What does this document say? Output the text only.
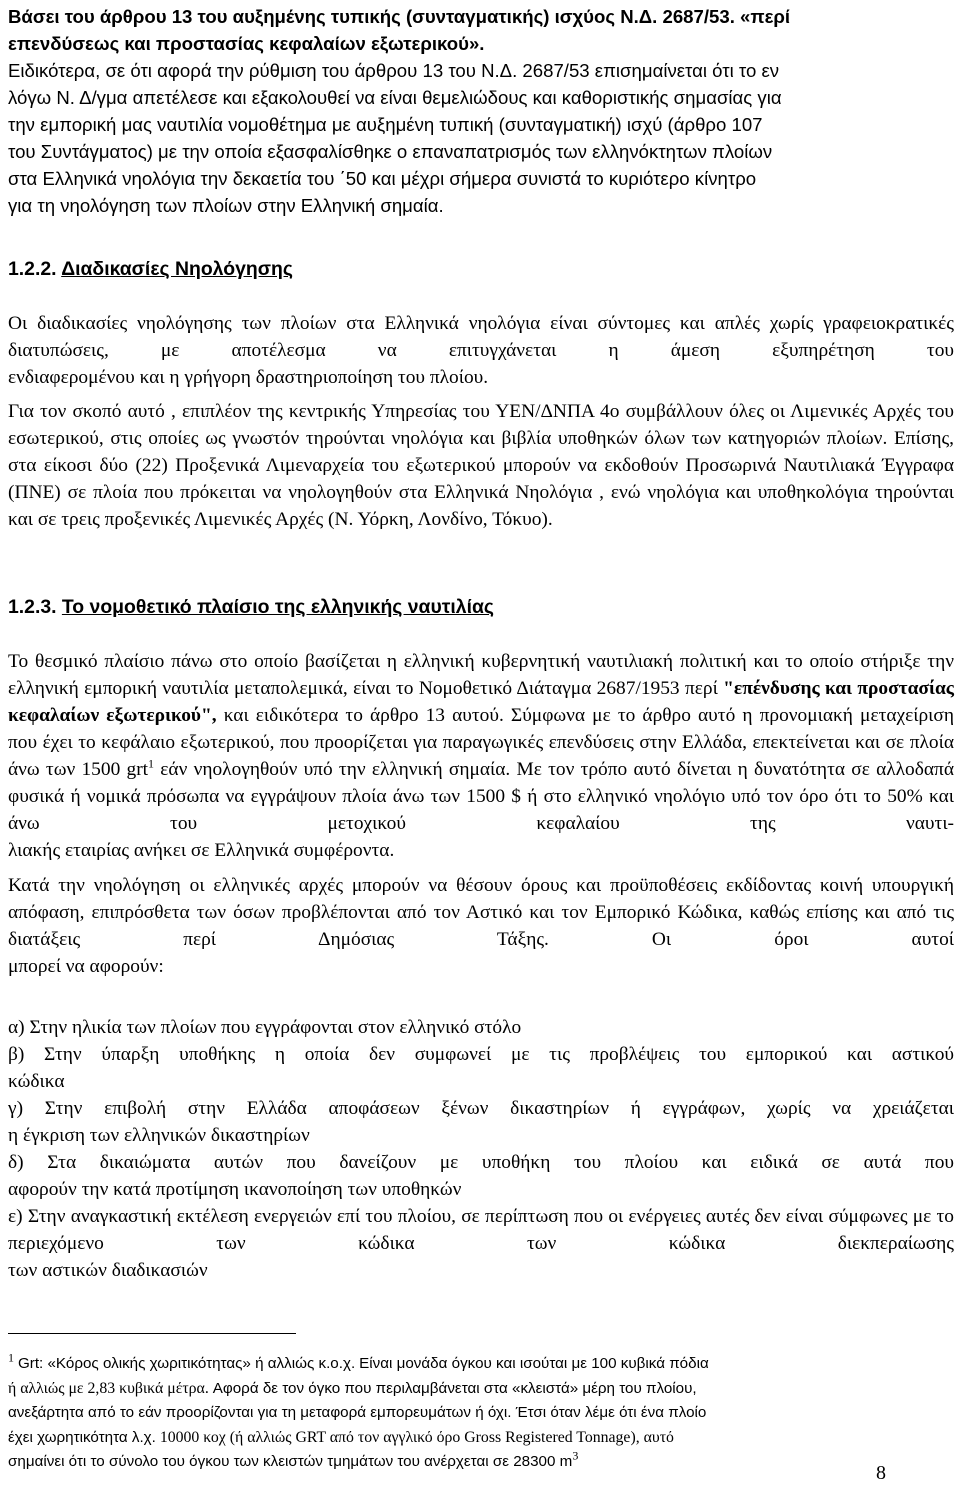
Βάσει του άρθρου 13 του αυξημένης τυπικής (συνταγματικής) ισχύος Ν.Δ. 2687/53. «περί
επενδύσεως και προστασίας κεφαλαίων εξωτερικού».
Ειδικότερα, σε ότι αφορά την ρύθμιση του άρθρου 13 του Ν.Δ. 2687/53 επισημαίνεται ότι το εν
λόγω Ν. Δ/γμα απετέλεσε και εξακολουθεί να είναι θεμελιώδους και καθοριστικής σημασίας για
την εμπορική μας ναυτιλία νομοθέτημα με αυξημένη τυπική (συνταγματική) ισχύ (άρθρο 107
του Συντάγματος) με την οποία εξασφαλίσθηκε ο επαναπατρισμός των ελληνόκτητων πλοίων
στα Ελληνικά νηολόγια την δεκαετία του ΄50 και μέχρι σήμερα συνιστά το κυριότερο κίνητρο
για τη νηολόγηση των πλοίων στην Ελληνική σημαία.
1.2.2. Διαδικασίες Νηολόγησης
Οι διαδικασίες νηολόγησης των πλοίων στα Ελληνικά νηολόγια είναι σύντομες και απλές χωρίς γραφειοκρατικές διατυπώσεις, με αποτέλεσμα να επιτυγχάνεται η άμεση εξυπηρέτηση του
ενδιαφερομένου και η γρήγορη δραστηριοποίηση του πλοίου.
Για τον σκοπό αυτό , επιπλέον της κεντρικής Υπηρεσίας του ΥΕΝ/ΔΝΠΑ 4ο συμβάλλουν όλες οι Λιμενικές Αρχές του εσωτερικού, στις οποίες ως γνωστόν τηρούνται νηολόγια και βιβλία υποθηκών όλων των κατηγοριών πλοίων. Επίσης, στα είκοσι δύο (22) Προξενικά Λιμεναρχεία του εξωτερικού μπορούν να εκδοθούν Προσωρινά Ναυτιλιακά Έγγραφα (ΠΝΕ) σε πλοία που πρόκειται να νηολογηθούν στα Ελληνικά Νηολόγια , ενώ νηολόγια και υποθηκολόγια τηρούνται
και σε τρεις προξενικές Λιμενικές Αρχές (Ν. Υόρκη, Λονδίνο, Τόκυο).
1.2.3. Το νομοθετικό πλαίσιο της ελληνικής ναυτιλίας
Το θεσμικό πλαίσιο πάνω στο οποίο βασίζεται η ελληνική κυβερνητική ναυτιλιακή πολιτική και το οποίο στήριξε την ελληνική εμπορική ναυτιλία μεταπολεμικά, είναι το Νομοθετικό Διάταγμα 2687/1953 περί "επένδυσης και προστασίας κεφαλαίων εξωτερικού", και ειδικότερα το άρθρο 13 αυτού. Σύμφωνα με το άρθρο αυτό η προνομιακή μεταχείριση που έχει το κεφάλαιο εξωτερικού, που προορίζεται για παραγωγικές επενδύσεις στην Ελλάδα, επεκτείνεται και σε πλοία άνω των 1500 grt$^1$ εάν νηολογηθούν υπό την ελληνική σημαία. Με τον τρόπο αυτό δίνεται η δυνατότητα σε αλλοδαπά φυσικά ή νομικά πρόσωπα να εγγράψουν πλοία άνω των 1500 $ ή στο ελληνικό νηολόγιο υπό τον όρο ότι το 50% και άνω του μετοχικού κεφαλαίου της ναυτι-
λιακής εταιρίας ανήκει σε Ελληνικά συμφέροντα.
Κατά την νηολόγηση οι ελληνικές αρχές μπορούν να θέσουν όρους και προϋποθέσεις εκδίδοντας κοινή υπουργική απόφαση, επιπρόσθετα των όσων προβλέπονται από τον Αστικό και τον Εμπορικό Κώδικα, καθώς επίσης και από τις διατάξεις περί Δημόσιας Τάξης. Οι όροι αυτοί
μπορεί να αφορούν:
α) Στην ηλικία των πλοίων που εγγράφονται στον ελληνικό στόλο
β) Στην ύπαρξη υποθήκης η οποία δεν συμφωνεί με τις προβλέψεις του εμπορικού και αστικού
κώδικα
γ) Στην επιβολή στην Ελλάδα αποφάσεων ξένων δικαστηρίων ή εγγράφων, χωρίς να χρειάζεται
η έγκριση των ελληνικών δικαστηρίων
δ) Στα δικαιώματα αυτών που δανείζουν με υποθήκη του πλοίου και ειδικά σε αυτά που
αφορούν την κατά προτίμηση ικανοποίηση των υποθηκών
ε) Στην αναγκαστική εκτέλεση ενεργειών επί του πλοίου, σε περίπτωση που οι ενέργειες αυτές δεν είναι σύμφωνες με το περιεχόμενο των κώδικα των κώδικα διεκπεραίωσης
των αστικών διαδικασιών
$^1$ Grt: «Κόρος ολικής χωριτικότητας» ή αλλιώς κ.ο.χ. Είναι μονάδα όγκου και ισούται με 100 κυβικά πόδια
ή αλλιώς με 2,83 κυβικά μέτρα. Αφορά δε τον όγκο που περιλαμβάνεται στα «κλειστά» μέρη του πλοίου,
ανεξάρτητα από το εάν προορίζονται για τη μεταφορά εμπορευμάτων ή όχι. Έτσι όταν λέμε ότι ένα πλοίο
έχει χωρητικότητα λ.χ. 10000 κοχ (ή αλλιώς GRT από τον αγγλικό όρο Gross Registered Tonnage), αυτό
σημαίνει ότι το σύνολο του όγκου των κλειστών τμημάτων του ανέρχεται σε 28300 $m^3$
8
